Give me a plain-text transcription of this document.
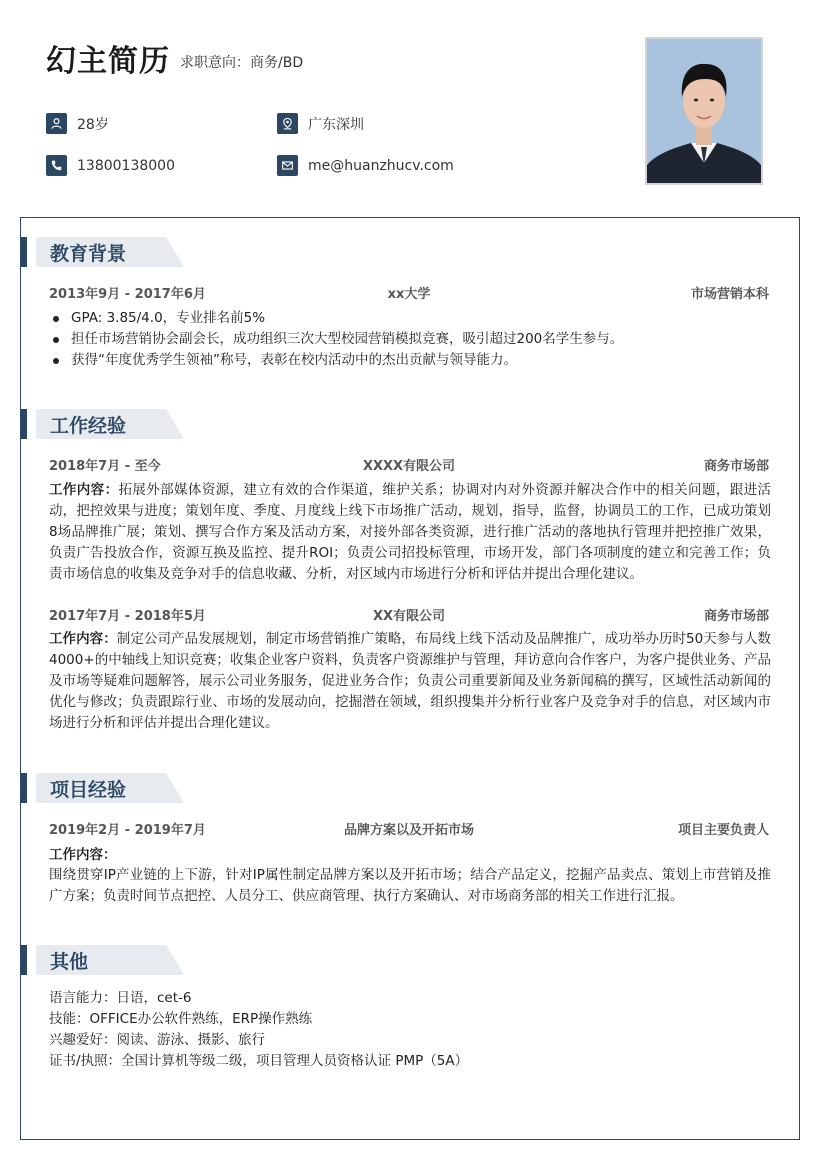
幻主简历 求职意向：商务/BD
28岁	广东深圳
13800138000	me@huanzhucv.com
教育背景
2013年9月 - 2017年6月	xx大学	市场营销本科
GPA: 3.85/4.0，专业排名前5%
担任市场营销协会副会长，成功组织三次大型校园营销模拟竞赛，吸引超过200名学生参与。
获得“年度优秀学生领袖”称号，表彰在校内活动中的杰出贡献与领导能力。
工作经验
2018年7月 - 至今	XXXX有限公司	商务市场部
工作内容：拓展外部媒体资源，建立有效的合作渠道，维护关系；协调对内对外资源并解决合作中的相关问题，跟进活动，把控效果与进度；策划年度、季度、月度线上线下市场推广活动，规划，指导，监督，协调员工的工作，已成功策划8场品牌推广展；策划、撰写合作方案及活动方案，对接外部各类资源，进行推广活动的落地执行管理并把控推广效果，负责广告投放合作，资源互换及监控、提升ROI；负责公司招投标管理，市场开发，部门各项制度的建立和完善工作；负责市场信息的收集及竞争对手的信息收藏、分析，对区域内市场进行分析和评估并提出合理化建议。
2017年7月 - 2018年5月	XX有限公司	商务市场部
工作内容：制定公司产品发展规划，制定市场营销推广策略，布局线上线下活动及品牌推广，成功举办历时50天参与人数4000+的中轴线上知识竞赛；收集企业客户资料，负责客户资源维护与管理，拜访意向合作客户，为客户提供业务、产品及市场等疑难问题解答，展示公司业务服务，促进业务合作；负责公司重要新闻及业务新闻稿的撰写，区域性活动新闻的优化与修改；负责跟踪行业、市场的发展动向，挖掘潜在领域，组织搜集并分析行业客户及竞争对手的信息，对区域内市场进行分析和评估并提出合理化建议。
项目经验
2019年2月 - 2019年7月	品牌方案以及开拓市场	项目主要负责人
工作内容：
围绕贯穿IP产业链的上下游，针对IP属性制定品牌方案以及开拓市场；结合产品定义，挖掘产品卖点、策划上市营销及推广方案；负责时间节点把控、人员分工、供应商管理、执行方案确认、对市场商务部的相关工作进行汇报。
其他
语言能力：日语，cet-6
技能：OFFICE办公软件熟练，ERP操作熟练
兴趣爱好：阅读、游泳、摄影、旅行
证书/执照：全国计算机等级二级，项目管理人员资格认证 PMP（5A）
